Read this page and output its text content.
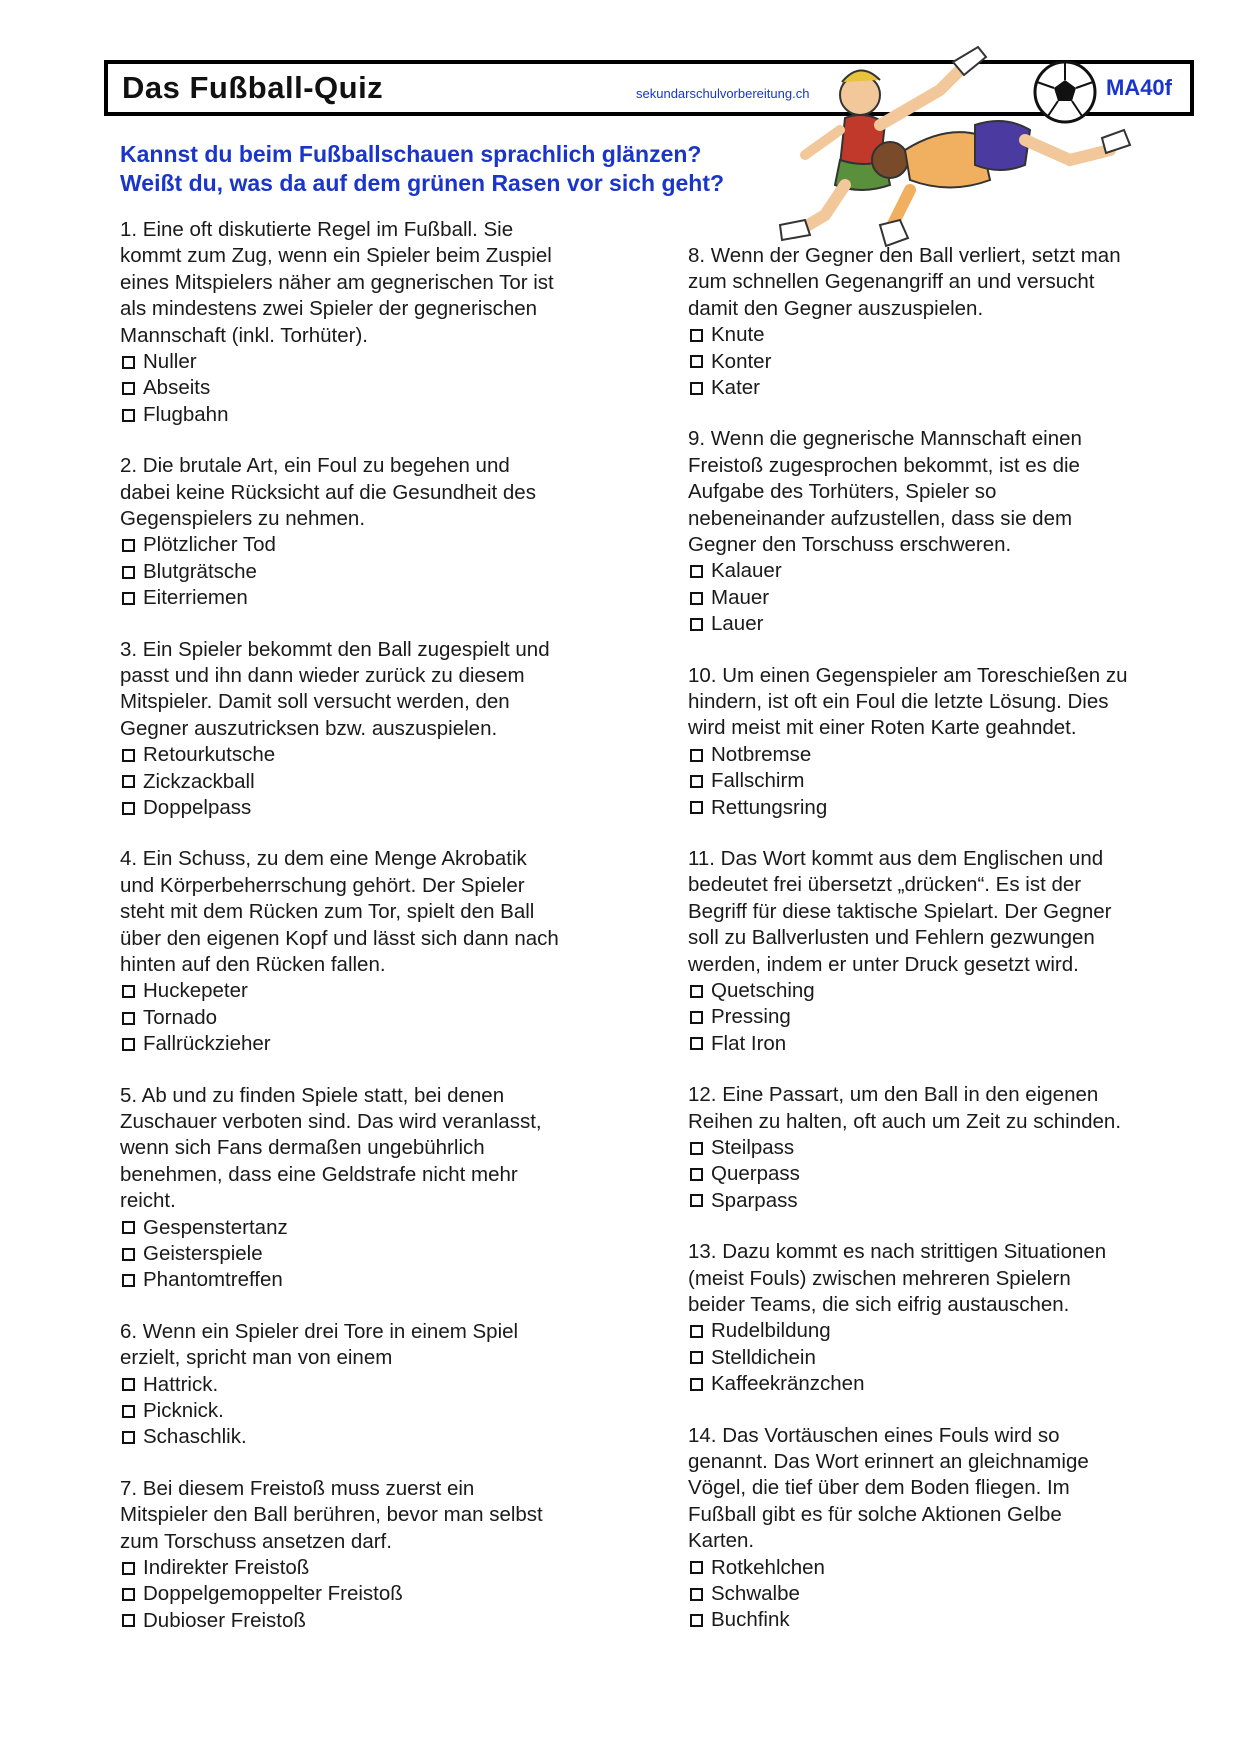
Das Fußball-Quiz	sekundarschulvorbereitung.ch	MA40f
Kannst du beim Fußballschauen sprachlich glänzen?
Weißt du, was da auf dem grünen Rasen vor sich geht?
1. Eine oft diskutierte Regel im Fußball. Sie
kommt zum Zug, wenn ein Spieler beim Zuspiel
eines Mitspielers näher am gegnerischen Tor ist
als mindestens zwei Spieler der gegnerischen
Mannschaft (inkl. Torhüter).
Nuller
Abseits
Flugbahn
2. Die brutale Art, ein Foul zu begehen und
dabei keine Rücksicht auf die Gesundheit des
Gegenspielers zu nehmen.
Plötzlicher Tod
Blutgrätsche
Eiterriemen
3. Ein Spieler bekommt den Ball zugespielt und
passt und ihn dann wieder zurück zu diesem
Mitspieler. Damit soll versucht werden, den
Gegner auszutricksen bzw. auszuspielen.
Retourkutsche
Zickzackball
Doppelpass
4. Ein Schuss, zu dem eine Menge Akrobatik
und Körperbeherrschung gehört. Der Spieler
steht mit dem Rücken zum Tor, spielt den Ball
über den eigenen Kopf und lässt sich dann nach
hinten auf den Rücken fallen.
Huckepeter
Tornado
Fallrückzieher
5. Ab und zu finden Spiele statt, bei denen
Zuschauer verboten sind. Das wird veranlasst,
wenn sich Fans dermaßen ungebührlich
benehmen, dass eine Geldstrafe nicht mehr
reicht.
Gespenstertanz
Geisterspiele
Phantomtreffen
6. Wenn ein Spieler drei Tore in einem Spiel
erzielt, spricht man von einem
Hattrick.
Picknick.
Schaschlik.
7. Bei diesem Freistoß muss zuerst ein
Mitspieler den Ball berühren, bevor man selbst
zum Torschuss ansetzen darf.
Indirekter Freistoß
Doppelgemoppelter Freistoß
Dubioser Freistoß
8. Wenn der Gegner den Ball verliert, setzt man
zum schnellen Gegenangriff an und versucht
damit den Gegner auszuspielen.
Knute
Konter
Kater
9. Wenn die gegnerische Mannschaft einen
Freistoß zugesprochen bekommt, ist es die
Aufgabe des Torhüters, Spieler so
nebeneinander aufzustellen, dass sie dem
Gegner den Torschuss erschweren.
Kalauer
Mauer
Lauer
10. Um einen Gegenspieler am Toreschießen zu
hindern, ist oft ein Foul die letzte Lösung. Dies
wird meist mit einer Roten Karte geahndet.
Notbremse
Fallschirm
Rettungsring
11. Das Wort kommt aus dem Englischen und
bedeutet frei übersetzt „drücken“. Es ist der
Begriff für diese taktische Spielart. Der Gegner
soll zu Ballverlusten und Fehlern gezwungen
werden, indem er unter Druck gesetzt wird.
Quetsching
Pressing
Flat Iron
12. Eine Passart, um den Ball in den eigenen
Reihen zu halten, oft auch um Zeit zu schinden.
Steilpass
Querpass
Sparpass
13. Dazu kommt es nach strittigen Situationen
(meist Fouls) zwischen mehreren Spielern
beider Teams, die sich eifrig austauschen.
Rudelbildung
Stelldichein
Kaffeekränzchen
14. Das Vortäuschen eines Fouls wird so
genannt. Das Wort erinnert an gleichnamige
Vögel, die tief über dem Boden fliegen. Im
Fußball gibt es für solche Aktionen Gelbe
Karten.
Rotkehlchen
Schwalbe
Buchfink
